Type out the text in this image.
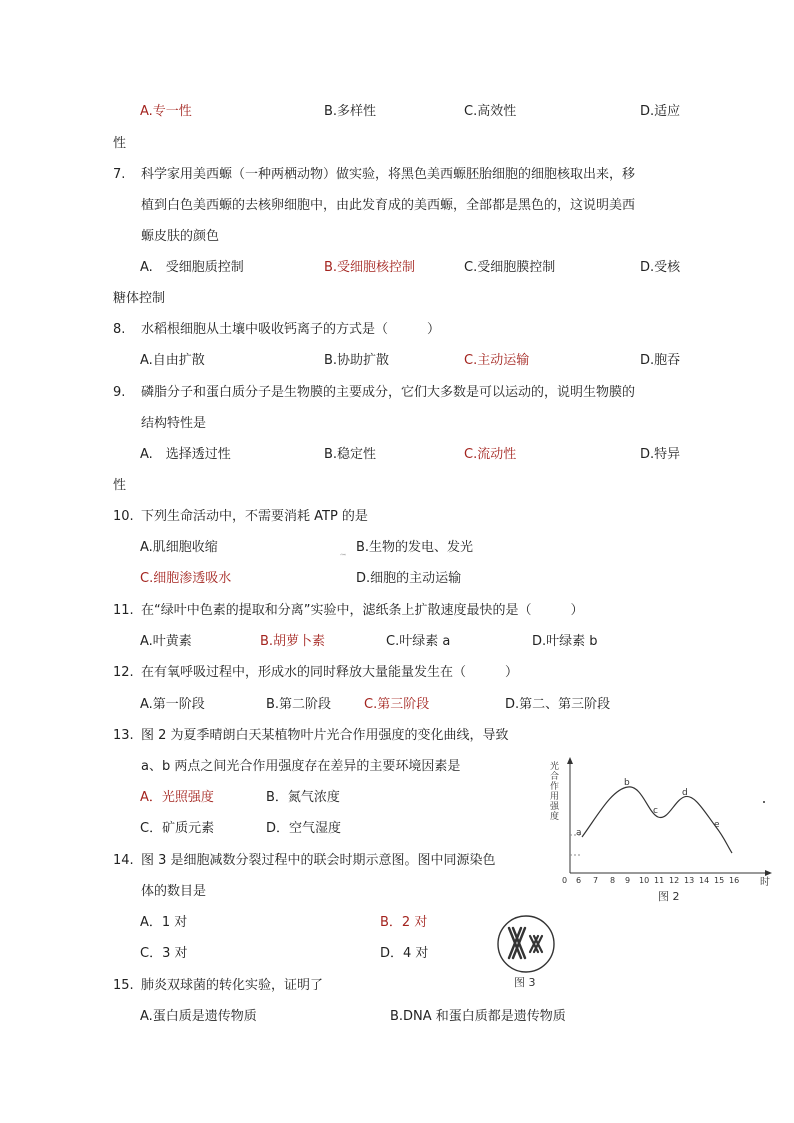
A.专一性	B.多样性	C.高效性	D.适应
性
7. 科学家用美西螈（一种两栖动物）做实验，将黑色美西螈胚胎细胞的细胞核取出来，移
植到白色美西螈的去核卵细胞中，由此发育成的美西螈，全部都是黑色的，这说明美西
螈皮肤的颜色
A.　受细胞质控制	B.受细胞核控制	C.受细胞膜控制	D.受核
糖体控制
8. 水稻根细胞从土壤中吸收钙离子的方式是（　　　）
A.自由扩散	B.协助扩散	C.主动运输	D.胞吞
9. 磷脂分子和蛋白质分子是生物膜的主要成分，它们大多数是可以运动的，说明生物膜的
结构特性是
A.　选择透过性	B.稳定性	C.流动性	D.特异
性
10. 下列生命活动中，不需要消耗 ATP 的是
A.肌细胞收缩	B.生物的发电、发光
C.细胞渗透吸水	D.细胞的主动运输
11. 在“绿叶中色素的提取和分离”实验中，滤纸条上扩散速度最快的是（　　　）
A.叶黄素	B.胡萝卜素	C.叶绿素 a	D.叶绿素 b
12. 在有氧呼吸过程中，形成水的同时释放大量能量发生在（　　　）
A.第一阶段	B.第二阶段	C.第三阶段	D.第二、第三阶段
13. 图 2 为夏季晴朗白天某植物叶片光合作用强度的变化曲线，导致
a、b 两点之间光合作用强度存在差异的主要环境因素是
A．光照强度	B．氮气浓度
C．矿质元素	D．空气湿度
14. 图 3 是细胞减数分裂过程中的联会时期示意图。图中同源染色
体的数目是
A．1 对	B．2 对
C．3 对	D．4 对
15. 肺炎双球菌的转化实验，证明了
A.蛋白质是遗传物质	B.DNA 和蛋白质都是遗传物质
光 合 作 用 强 度
光合作用强度
a
b
c
d
e
0 6 7 8 9 10 11 12 13 14 15 16 时
图 2
图 3
